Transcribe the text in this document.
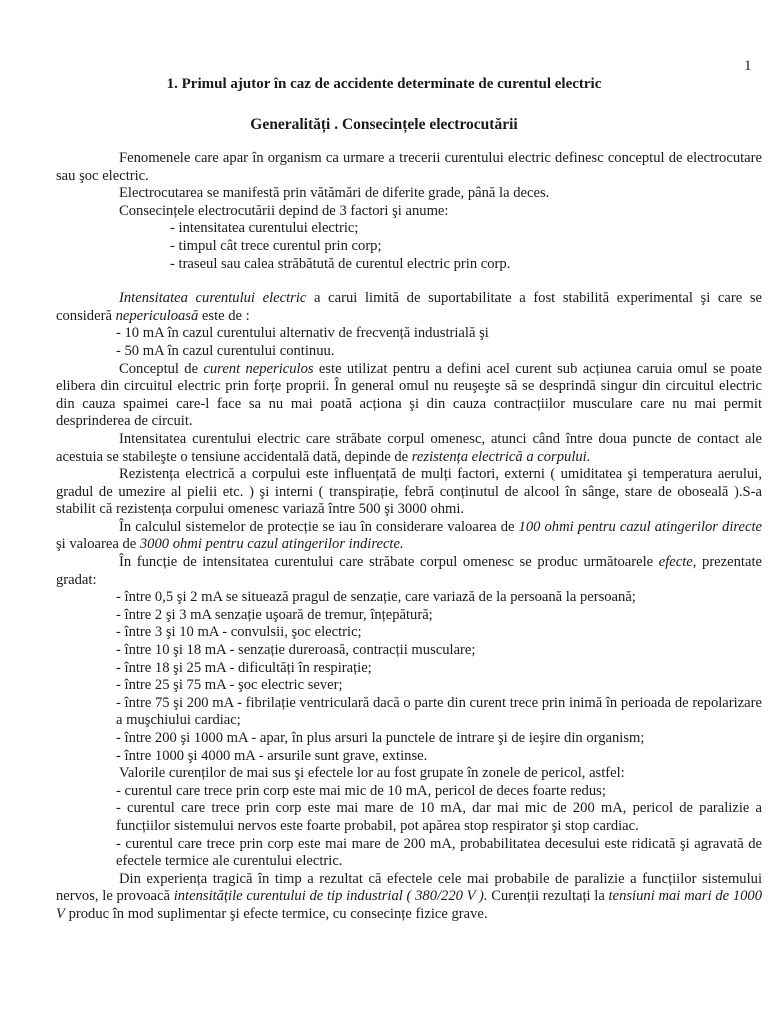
1
1. Primul ajutor în caz de accidente determinate de curentul electric
Generalități . Consecințele electrocutării

Fenomenele care apar în organism ca urmare a trecerii curentului electric definesc conceptul de electrocutare sau şoc electric.

Electrocutarea se manifestă prin vătămări de diferite grade, până la deces.

Consecințele electrocutării depind de 3 factori şi anume:

- intensitatea curentului electric;

- timpul cât trece curentul prin corp;

- traseul sau calea străbătută de curentul electric prin corp.

Intensitatea curentului electric a carui limită de suportabilitate a fost stabilită experimental şi care se consideră nepericuloasă este de :

- 10 mA în cazul curentului alternativ de frecvență industrială şi

- 50 mA în cazul curentului continuu.

Conceptul de curent nepericulos este utilizat pentru a defini acel curent sub acțiunea caruia omul se poate elibera din circuitul electric prin forțe proprii. În general omul nu reuşeşte să se desprindă singur din circuitul electric din cauza spaimei care-l face sa nu mai poată acționa şi din cauza contracțiilor musculare care nu mai permit desprinderea de circuit.

Intensitatea curentului electric care străbate corpul omenesc, atunci când între doua puncte de contact ale acestuia se stabileşte o tensiune accidentală dată, depinde de rezistența electrică a corpului.

Rezistența electrică a corpului este influențată de mulți factori, externi ( umiditatea şi temperatura aerului, gradul de umezire al pielii etc. ) şi interni ( transpirație, febră conținutul de alcool în sânge, stare de oboseală ).S-a stabilit că rezistența corpului omenesc variază între 500 şi 3000 ohmi.

În calculul sistemelor de protecție se iau în considerare valoarea de 100 ohmi pentru cazul atingerilor directe şi valoarea de 3000 ohmi pentru cazul atingerilor indirecte.

În funcție de intensitatea curentului care străbate corpul omenesc se produc următoarele efecte, prezentate gradat:

- între 0,5 şi 2 mA se situează pragul de senzație, care variază de la persoană la persoană;

- între 2 şi 3 mA senzație uşoară de tremur, înțepătură;

- între 3 şi 10 mA - convulsii, şoc electric;

- între 10 şi 18 mA - senzație dureroasă, contracții musculare;

- între 18 şi 25 mA - dificultăți în respirație;

- între 25 şi 75 mA - şoc electric sever;

- între 75 şi 200 mA - fibrilație ventriculară dacă o parte din curent trece prin inimă în perioada de repolarizare a muşchiului cardiac;

- între 200 şi 1000 mA - apar, în plus arsuri la punctele de intrare şi de ieşire din organism;

- între 1000 şi 4000 mA - arsurile sunt grave, extinse.

Valorile curenților de mai sus şi efectele lor au fost grupate în zonele de pericol, astfel:

- curentul care trece prin corp este mai mic de 10 mA, pericol de deces foarte redus;

- curentul care trece prin corp este mai mare de 10 mA, dar mai mic de 200 mA, pericol de paralizie a funcțiilor sistemului nervos este foarte probabil, pot apărea stop respirator şi stop cardiac.

- curentul care trece prin corp este mai mare de 200 mA, probabilitatea decesului este ridicată şi agravată de efectele termice ale curentului electric.

Din experiența tragică în timp a rezultat că efectele cele mai probabile de paralizie a funcțiilor sistemului nervos, le provoacă intensitățile curentului de tip industrial ( 380/220 V ). Curenții rezultați la tensiuni mai mari de 1000 V produc în mod suplimentar şi efecte termice, cu consecințe fizice grave.
